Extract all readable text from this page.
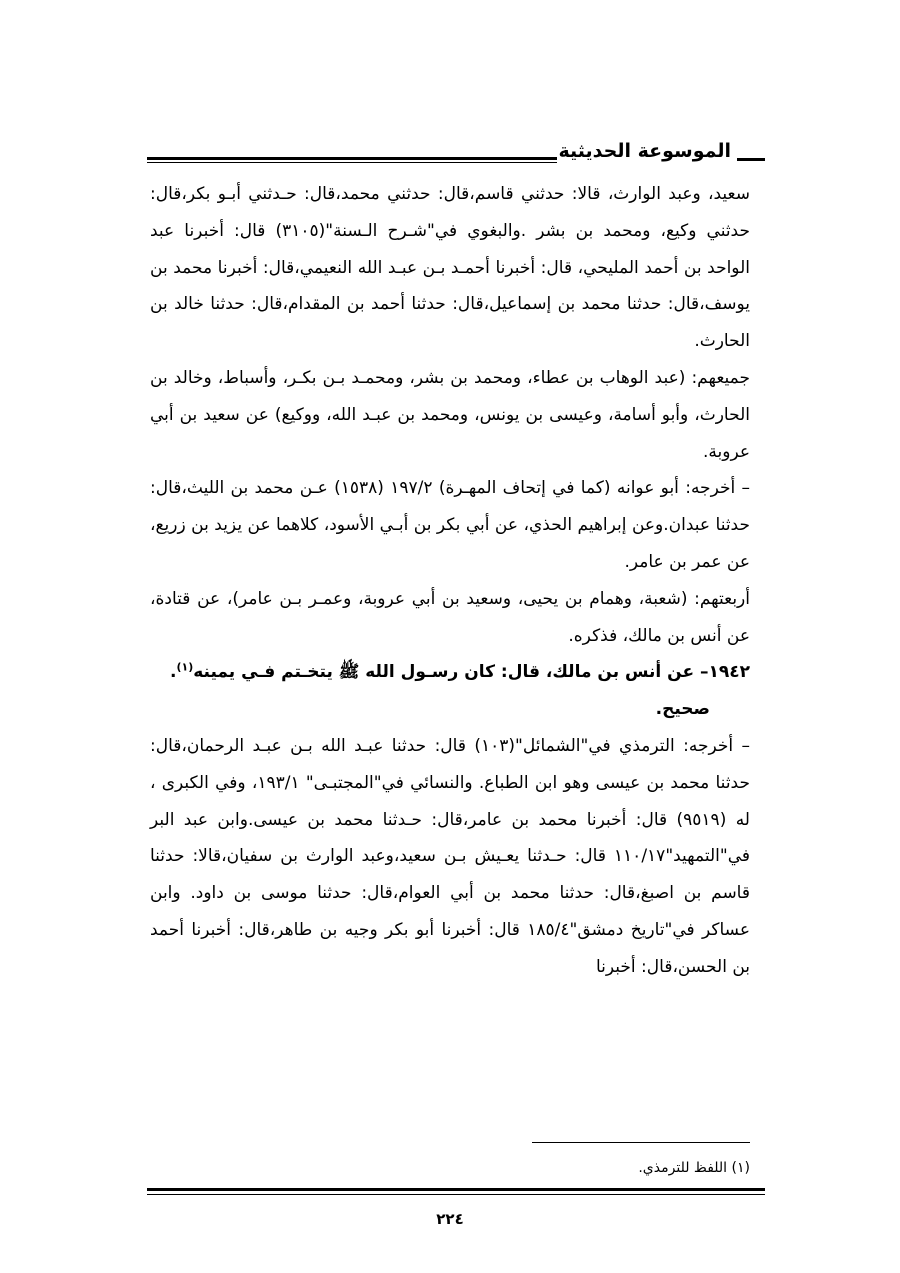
الموسوعة الحديثية

سعيد، وعبد الوارث، قالا: حدثني قاسم،قال: حدثني محمد،قال: حـدثني أبـو بكر،قال: حدثني وكيع، ومحمد بن بشر .والبغوي في"شـرح الـسنة"(٣١٠٥) قال: أخبرنا عبد الواحد بن أحمد المليحي، قال: أخبرنا أحمـد بـن عبـد الله النعيمي،قال: أخبرنا محمد بن يوسف،قال: حدثنا محمد بن إسماعيل،قال: حدثنا أحمد بن المقدام،قال: حدثنا خالد بن الحارث.

جميعهم: (عبد الوهاب بن عطاء، ومحمد بن بشر، ومحمـد بـن بكـر، وأسباط، وخالد بن الحارث، وأبو أسامة، وعيسى بن يونس، ومحمد بن عبـد الله، ووكيع) عن سعيد بن أبي عروبة.

– أخرجه: أبو عوانه (كما في إتحاف المهـرة) ١٩٧/٢ (١٥٣٨) عـن محمد بن الليث،قال: حدثنا عبدان.وعن إبراهيم الحذي، عن أبي بكر بن أبـي الأسود، كلاهما عن يزيد بن زريع، عن عمر بن عامر.

أربعتهم: (شعبة، وهمام بن يحيى، وسعيد بن أبي عروبة، وعمـر بـن عامر)، عن قتادة، عن أنس بن مالك، فذكره.

١٩٤٢– عن أنس بن مالك، قال: كان رسـول الله ﷺ يتخـتم فـي يمينه$^{(١)}$.

صحيح.

– أخرجه: الترمذي في"الشمائل"(١٠٣) قال: حدثنا عبـد الله بـن عبـد الرحمان،قال: حدثنا محمد بن عيسى وهو ابن الطباع. والنسائي في"المجتبـى" ١٩٣/١، وفي الكبرى ، له (٩٥١٩) قال: أخبرنا محمد بن عامر،قال: حـدثنا محمد بن عيسى.وابن عبد البر في"التمهيد"١١٠/١٧ قال: حـدثنا يعـيش بـن سعيد،وعبد الوارث بن سفيان،قالا: حدثنا قاسم بن اصبغ،قال: حدثنا محمد بن أبي العوام،قال: حدثنا موسى بن داود. وابن عساكر في"تاريخ دمشق"١٨٥/٤ قال: أخبرنا أبو بكر وجيه بن طاهر،قال: أخبرنا أحمد بن الحسن،قال: أخبرنا

(١) اللفظ للترمذي.
٢٢٤
